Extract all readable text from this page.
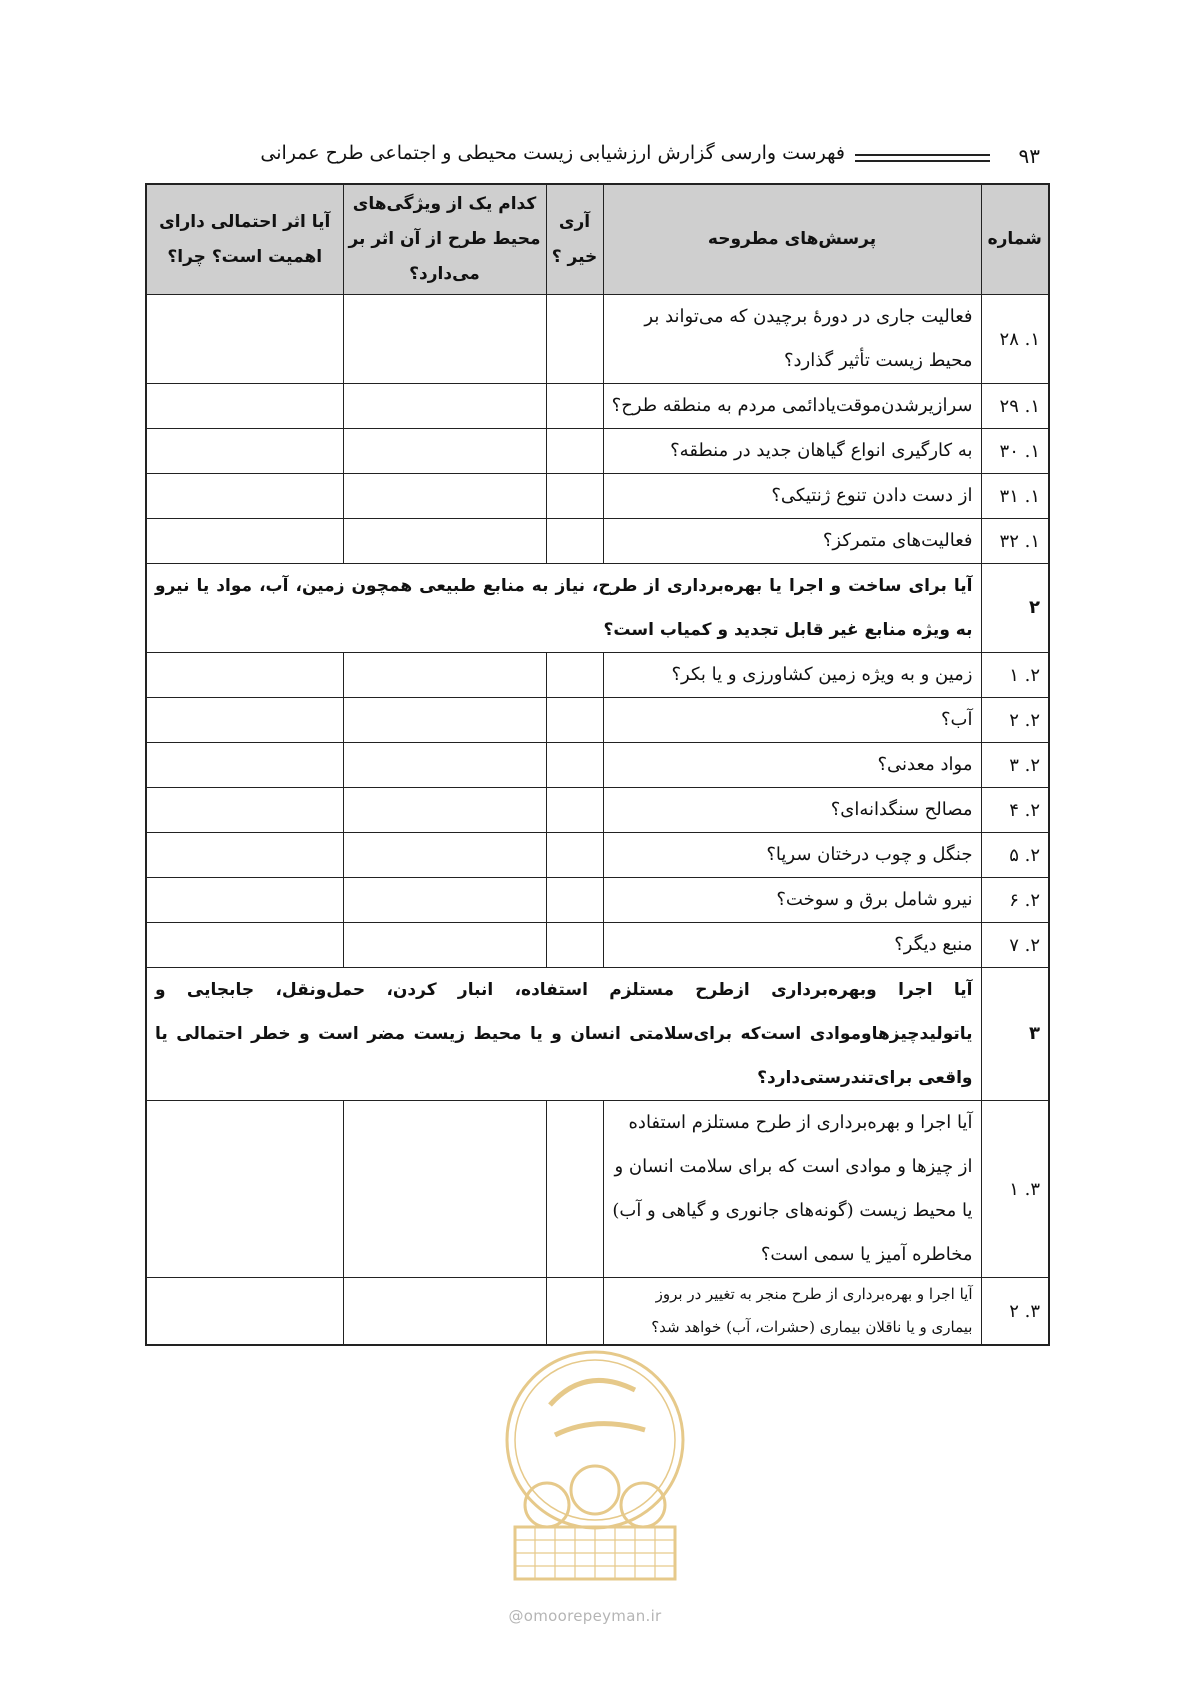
۹۳
فهرست وارسی گزارش ارزشیابی زیست محیطی و اجتماعی طرح عمرانی
شماره	پرسش‌های مطروحه	آری خیر ؟	کدام یک از ویژگی‌های محیط طرح از آن اثر بر می‌دارد؟	آیا اثر احتمالی دارای اهمیت است؟ چرا؟
۱. ۲۸	فعالیت جاری در دورهٔ برچیدن که می‌تواند بر محیط زیست تأثیر گذارد؟			
۱. ۲۹	سرازیرشدن‌موقت‌یادائمی مردم به منطقه طرح؟			
۱. ۳۰	به کارگیری انواع گیاهان جدید در منطقه؟			
۱. ۳۱	از دست دادن تنوع ژنتیکی؟			
۱. ۳۲	فعالیت‌های متمرکز؟			
۲	آیا برای ساخت و اجرا یا بهره‌برداری از طرح، نیاز به منابع طبیعی همچون زمین، آب، مواد یا نیرو به ویژه منابع غیر قابل تجدید و کمیاب است؟			
۲. ۱	زمین و به ویژه زمین کشاورزی و یا بکر؟			
۲. ۲	آب؟			
۲. ۳	مواد معدنی؟			
۲. ۴	مصالح سنگدانه‌ای؟			
۲. ۵	جنگل و چوب درختان سرپا؟			
۲. ۶	نیرو شامل برق و سوخت؟			
۲. ۷	منبع دیگر؟			
۳	آیا اجرا وبهره‌برداری ازطرح مستلزم استفاده، انبار کردن، حمل‌ونقل، جابجایی و یاتولیدچیزهاوموادی است‌که برای‌سلامتی انسان و یا محیط زیست مضر است و خطر احتمالی یا واقعی برای‌تندرستی‌دارد؟			
۳. ۱	آیا اجرا و بهره‌برداری از طرح مستلزم استفاده از چیزها و موادی است که برای سلامت انسان و یا محیط زیست (گونه‌های جانوری و گیاهی و آب) مخاطره آمیز یا سمی است؟			
۳. ۲	آیا اجرا و بهره‌برداری از طرح منجر به تغییر در بروز بیماری و یا ناقلان بیماری (حشرات، آب) خواهد شد؟			
@omoorepeyman.ir
